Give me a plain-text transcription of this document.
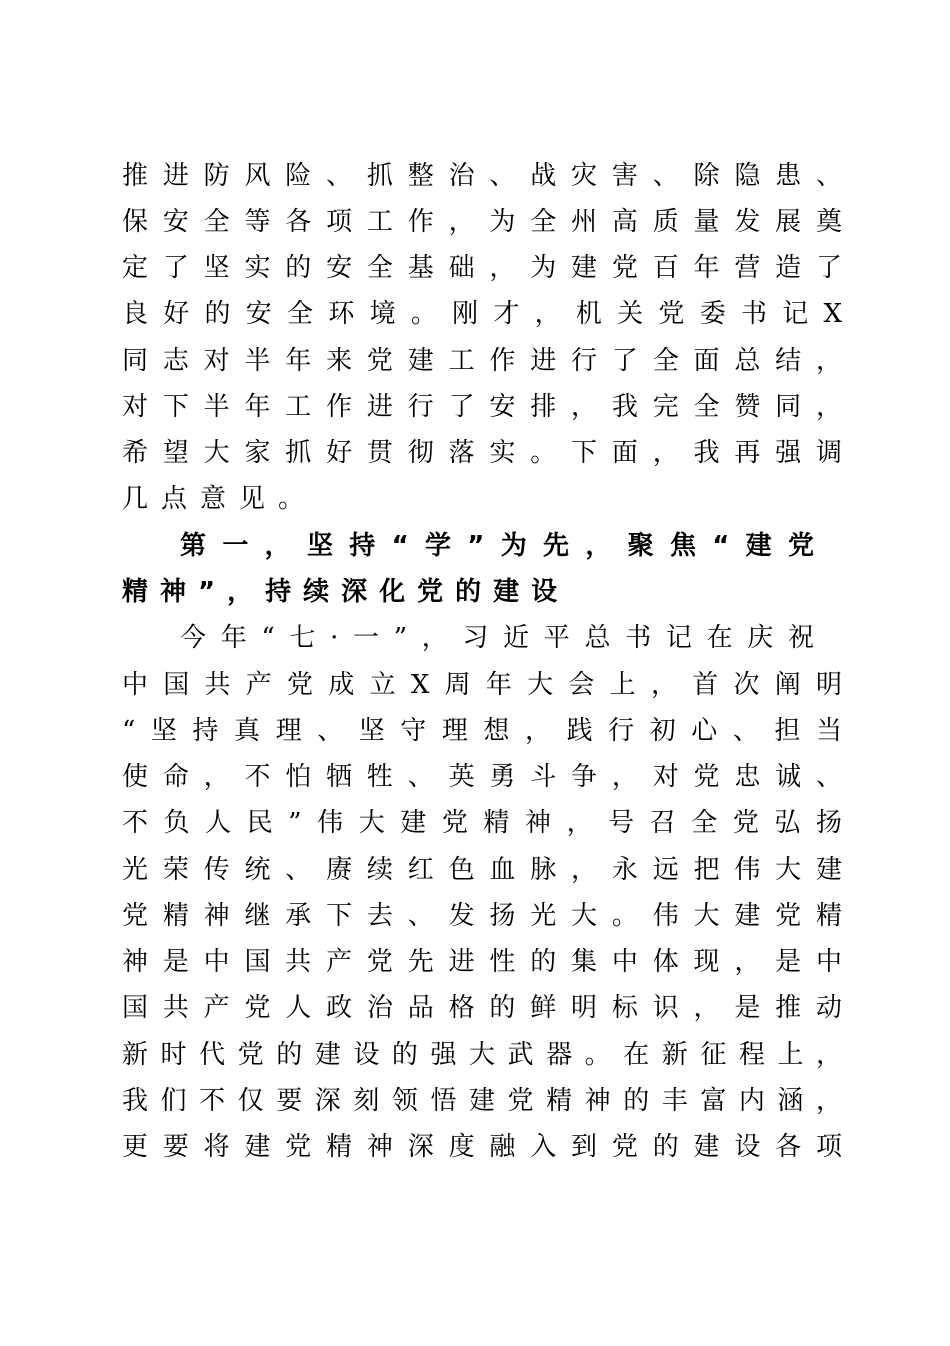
推进防风险、抓整治、战灾害、除隐患、
保安全等各项工作，为全州高质量发展奠
定了坚实的安全基础，为建党百年营造了
良好的安全环境。刚才，机关党委书记X
同志对半年来党建工作进行了全面总结，
对下半年工作进行了安排，我完全赞同，
希望大家抓好贯彻落实。下面，我再强调
几点意见。
第一，坚持“学”为先，聚焦“建党
精神”，持续深化党的建设
今年“七·一”，习近平总书记在庆祝
中国共产党成立X周年大会上，首次阐明
“坚持真理、坚守理想，践行初心、担当
使命，不怕牺牲、英勇斗争，对党忠诚、
不负人民”伟大建党精神，号召全党弘扬
光荣传统、赓续红色血脉，永远把伟大建
党精神继承下去、发扬光大。伟大建党精
神是中国共产党先进性的集中体现，是中
国共产党人政治品格的鲜明标识，是推动
新时代党的建设的强大武器。在新征程上，
我们不仅要深刻领悟建党精神的丰富内涵，
更要将建党精神深度融入到党的建设各项
